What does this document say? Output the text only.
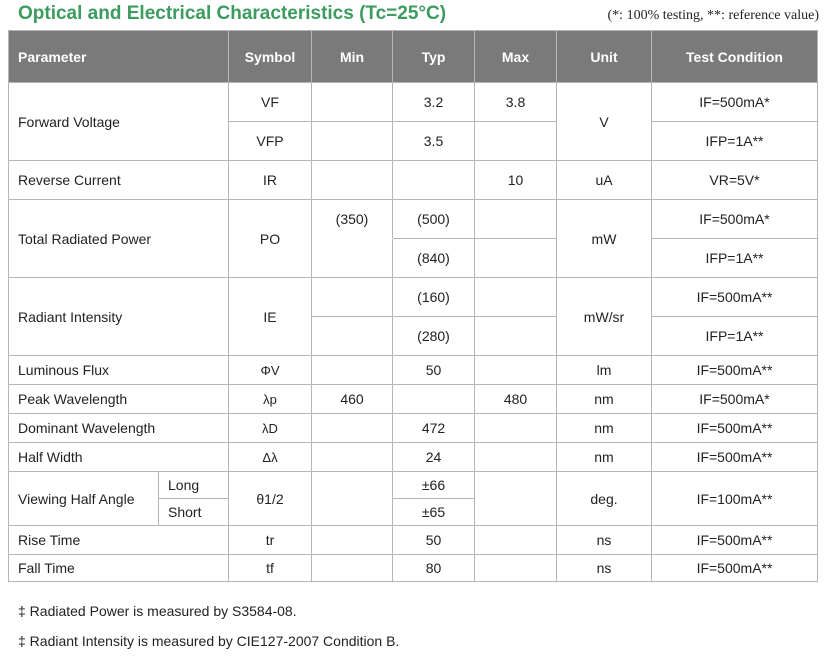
Optical and Electrical Characteristics (Tc=25°C)	(*: 100% testing, **: reference value)
Parameter		Symbol	Min	Typ	Max	Unit	Test Condition
Forward Voltage		VF		3.2	3.8	V	IF=500mA*
		VFP		3.5			IFP=1A**
Reverse Current		IR			10	uA	VR=5V*
Total Radiated Power		PO	(350)	(500)		mW	IF=500mA*
				(840)			IFP=1A**
Radiant Intensity		IE		(160)		mW/sr	IF=500mA**
				(280)			IFP=1A**
Luminous Flux		ΦV		50		lm	IF=500mA**
Peak Wavelength		λp	460		480	nm	IF=500mA*
Dominant Wavelength		λD		472		nm	IF=500mA**
Half Width		Δλ		24		nm	IF=500mA**
Viewing Half Angle	Long	θ1/2		±66		deg.	IF=100mA**
	Short			±65			
Rise Time		tr		50		ns	IF=500mA**
Fall Time		tf		80		ns	IF=500mA**
‡ Radiated Power is measured by S3584-08.
‡ Radiant Intensity is measured by CIE127-2007 Condition B.
